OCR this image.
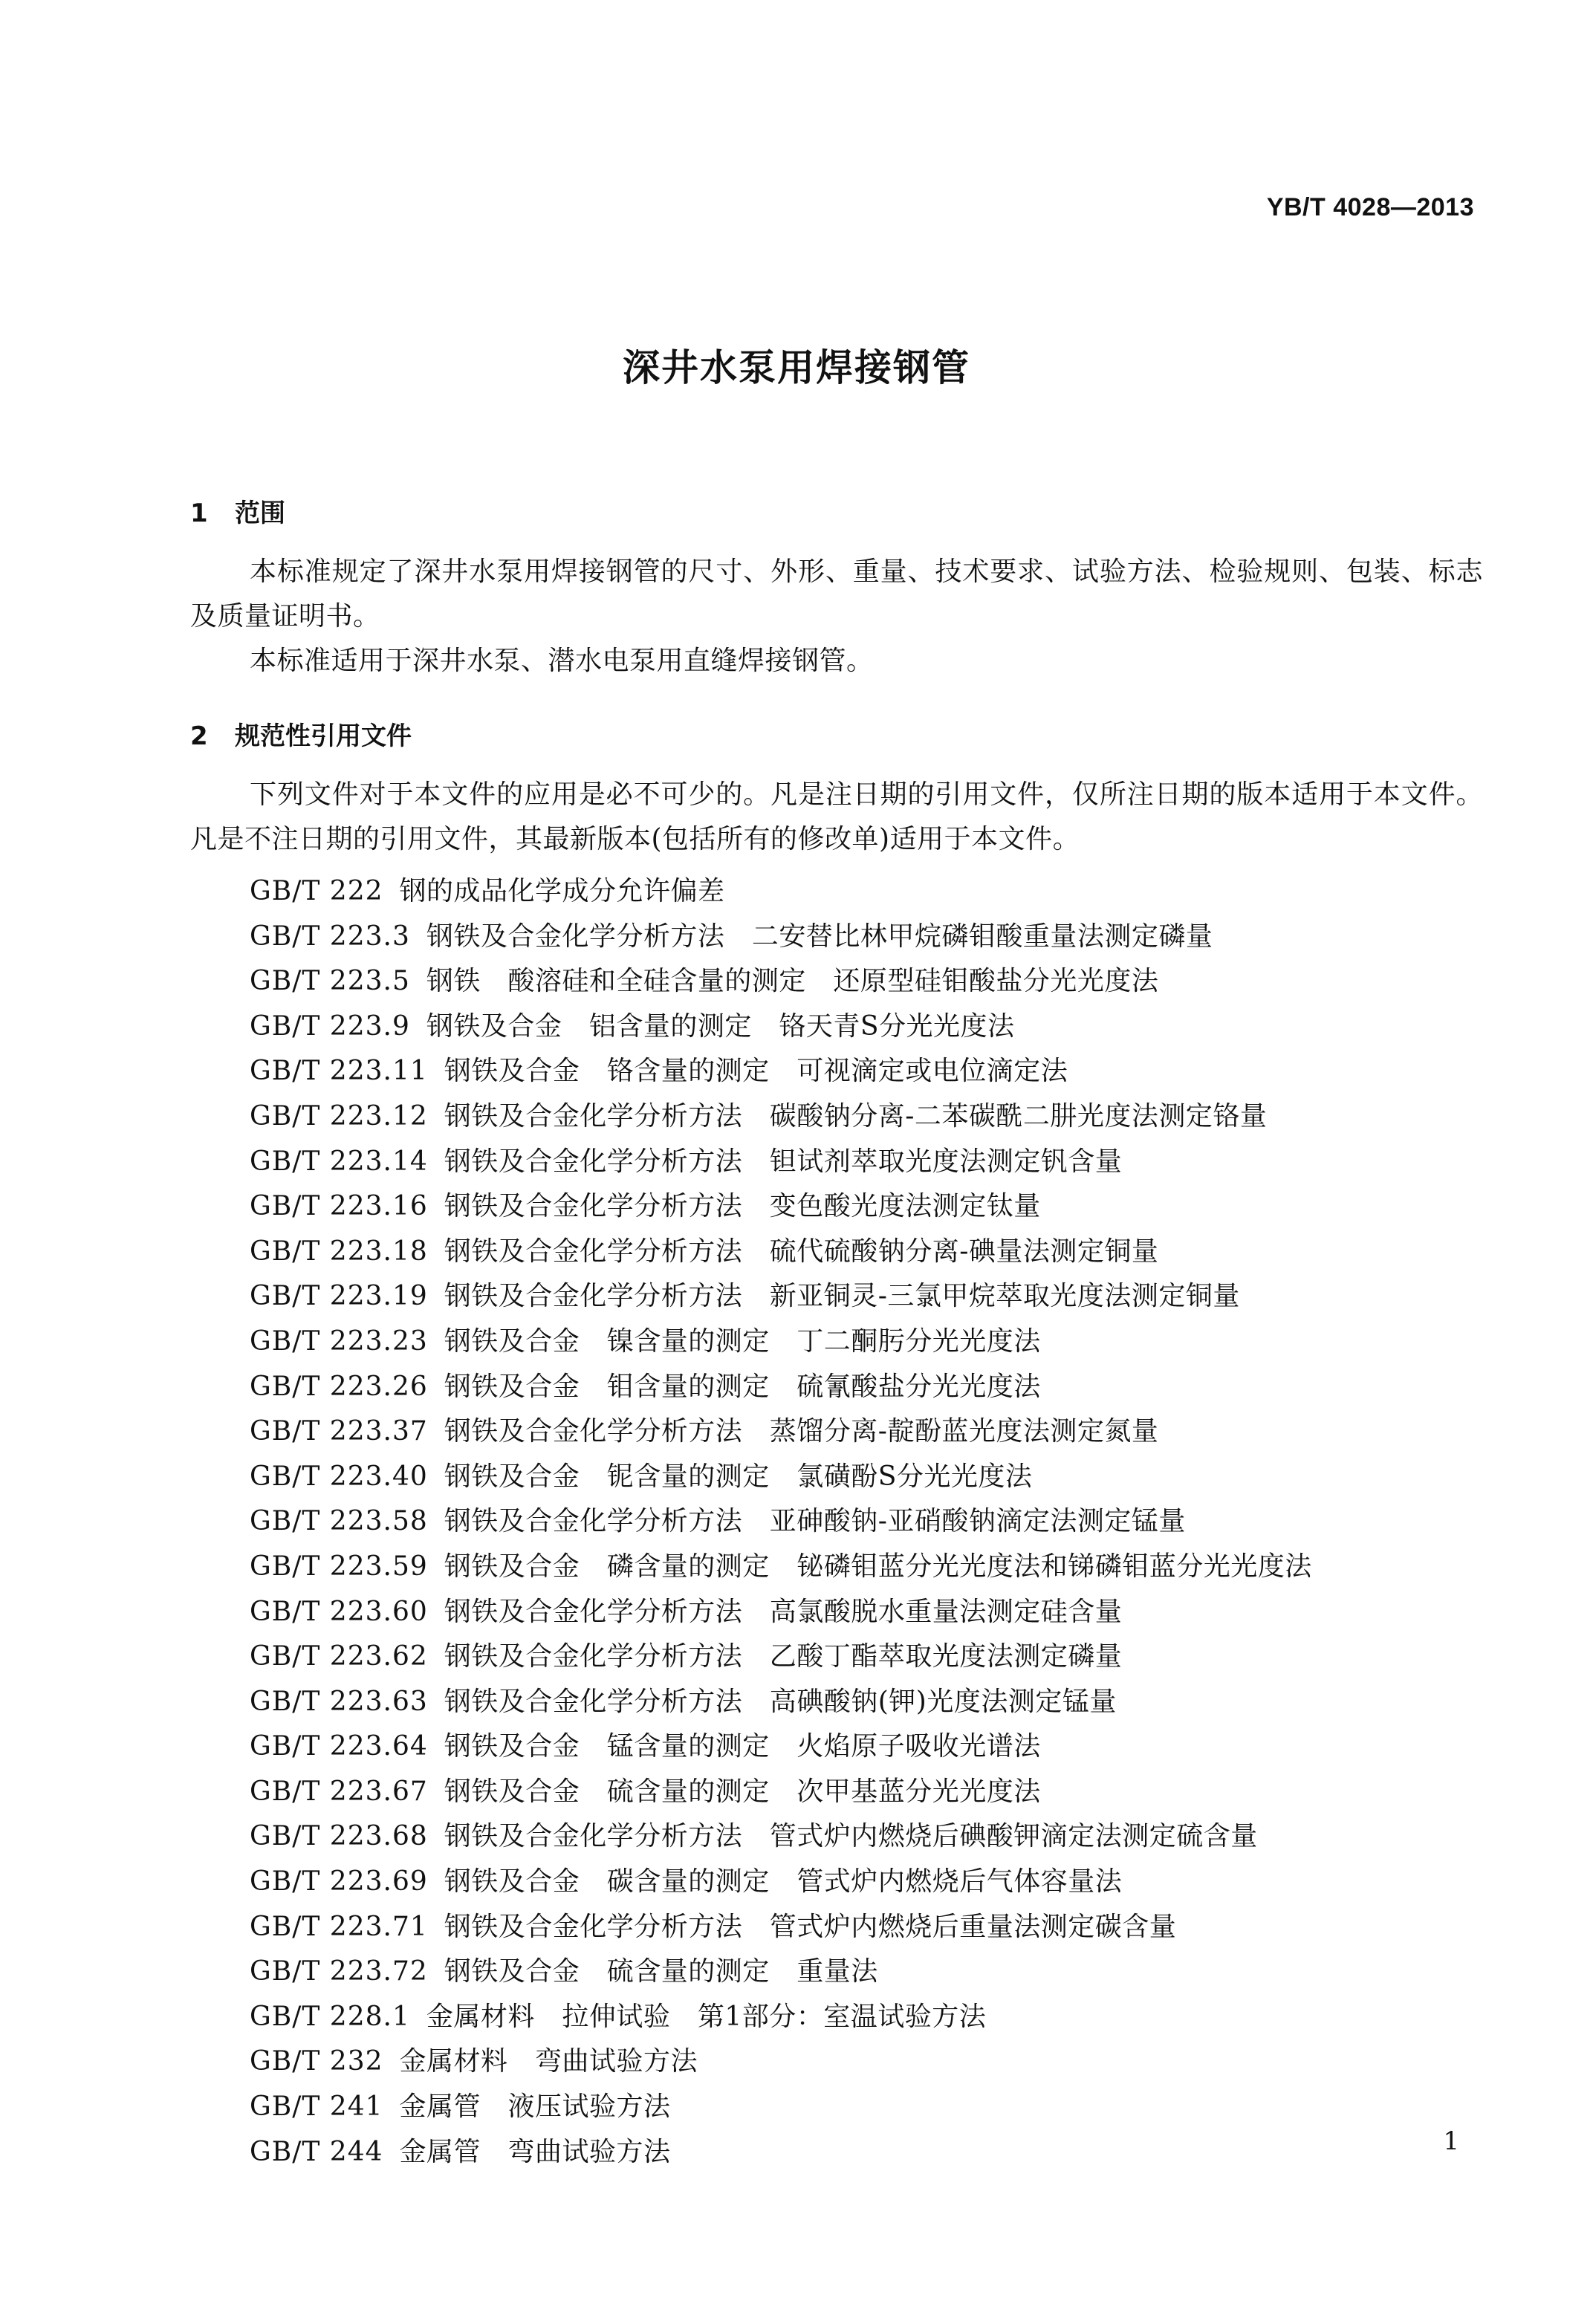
YB/T 4028—2013
深井水泵用焊接钢管
1 范围
本标准规定了深井水泵用焊接钢管的尺寸、外形、重量、技术要求、试验方法、检验规则、包装、标志及质量证明书。
本标准适用于深井水泵、潜水电泵用直缝焊接钢管。
2 规范性引用文件
下列文件对于本文件的应用是必不可少的。凡是注日期的引用文件，仅所注日期的版本适用于本文件。凡是不注日期的引用文件，其最新版本(包括所有的修改单)适用于本文件。
GB/T 222 钢的成品化学成分允许偏差
GB/T 223.3 钢铁及合金化学分析方法　二安替比林甲烷磷钼酸重量法测定磷量
GB/T 223.5 钢铁　酸溶硅和全硅含量的测定　还原型硅钼酸盐分光光度法
GB/T 223.9 钢铁及合金　铝含量的测定　铬天青S分光光度法
GB/T 223.11 钢铁及合金　铬含量的测定　可视滴定或电位滴定法
GB/T 223.12 钢铁及合金化学分析方法　碳酸钠分离-二苯碳酰二肼光度法测定铬量
GB/T 223.14 钢铁及合金化学分析方法　钽试剂萃取光度法测定钒含量
GB/T 223.16 钢铁及合金化学分析方法　变色酸光度法测定钛量
GB/T 223.18 钢铁及合金化学分析方法　硫代硫酸钠分离-碘量法测定铜量
GB/T 223.19 钢铁及合金化学分析方法　新亚铜灵-三氯甲烷萃取光度法测定铜量
GB/T 223.23 钢铁及合金　镍含量的测定　丁二酮肟分光光度法
GB/T 223.26 钢铁及合金　钼含量的测定　硫氰酸盐分光光度法
GB/T 223.37 钢铁及合金化学分析方法　蒸馏分离-靛酚蓝光度法测定氮量
GB/T 223.40 钢铁及合金　铌含量的测定　氯磺酚S分光光度法
GB/T 223.58 钢铁及合金化学分析方法　亚砷酸钠-亚硝酸钠滴定法测定锰量
GB/T 223.59 钢铁及合金　磷含量的测定　铋磷钼蓝分光光度法和锑磷钼蓝分光光度法
GB/T 223.60 钢铁及合金化学分析方法　高氯酸脱水重量法测定硅含量
GB/T 223.62 钢铁及合金化学分析方法　乙酸丁酯萃取光度法测定磷量
GB/T 223.63 钢铁及合金化学分析方法　高碘酸钠(钾)光度法测定锰量
GB/T 223.64 钢铁及合金　锰含量的测定　火焰原子吸收光谱法
GB/T 223.67 钢铁及合金　硫含量的测定　次甲基蓝分光光度法
GB/T 223.68 钢铁及合金化学分析方法　管式炉内燃烧后碘酸钾滴定法测定硫含量
GB/T 223.69 钢铁及合金　碳含量的测定　管式炉内燃烧后气体容量法
GB/T 223.71 钢铁及合金化学分析方法　管式炉内燃烧后重量法测定碳含量
GB/T 223.72 钢铁及合金　硫含量的测定　重量法
GB/T 228.1 金属材料　拉伸试验　第1部分：室温试验方法
GB/T 232 金属材料　弯曲试验方法
GB/T 241 金属管　液压试验方法
GB/T 244 金属管　弯曲试验方法	1
